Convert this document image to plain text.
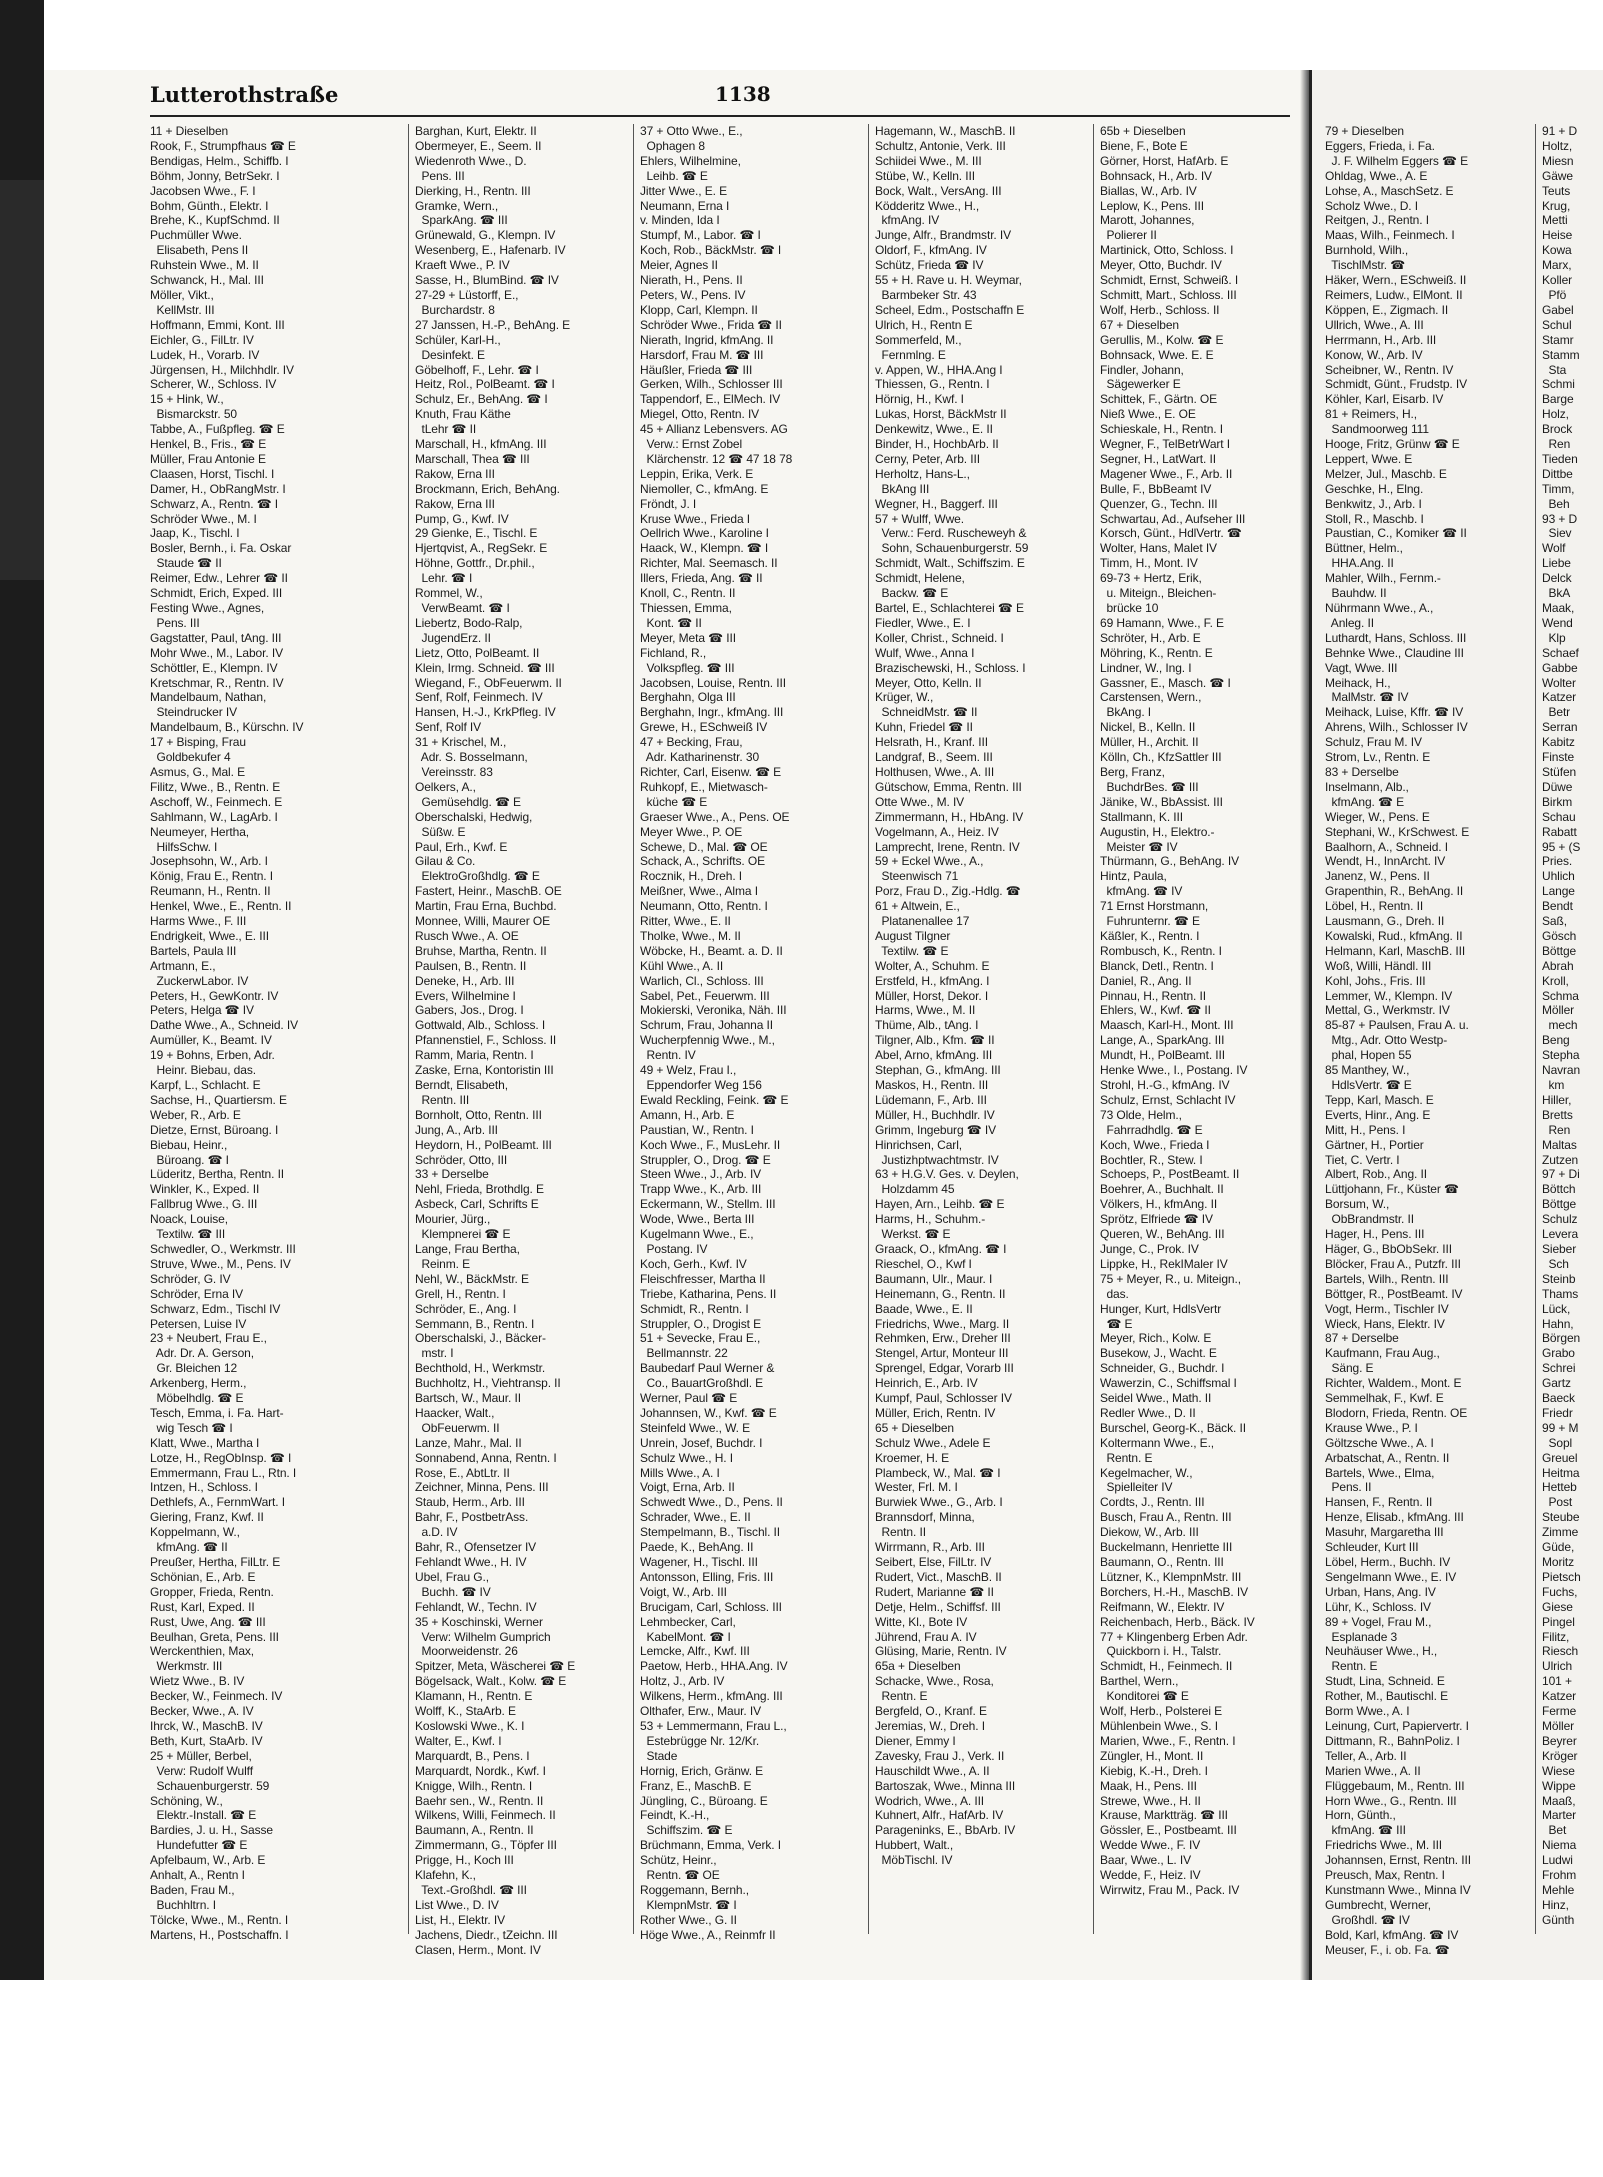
Lutterothstraße	1138
11 + Dieselben
Rook, F., Strumpfhaus ☎ E
Bendigas, Helm., Schiffb. I
Böhm, Jonny, BetrSekr. I
Jacobsen Wwe., F. I
Bohm, Günth., Elektr. I
Brehe, K., KupfSchmd. II
Puchmüller Wwe.
Elisabeth, Pens II
Ruhstein Wwe., M. II
Schwanck, H., Mal. III
Möller, Vikt.,
KellMstr. III
Hoffmann, Emmi, Kont. III
Eichler, G., FilLtr. IV
Ludek, H., Vorarb. IV
Jürgensen, H., Milchhdlr. IV
Scherer, W., Schloss. IV
15 + Hink, W.,
Bismarckstr. 50
Tabbe, A., Fußpfleg. ☎ E
Henkel, B., Fris., ☎ E
Müller, Frau Antonie E
Claasen, Horst, Tischl. I
Damer, H., ObRangMstr. I
Schwarz, A., Rentn. ☎ I
Schröder Wwe., M. I
Jaap, K., Tischl. I
Bosler, Bernh., i. Fa. Oskar
Staude ☎ II
Reimer, Edw., Lehrer ☎ II
Schmidt, Erich, Exped. III
Festing Wwe., Agnes,
Pens. III
Gagstatter, Paul, tAng. III
Mohr Wwe., M., Labor. IV
Schöttler, E., Klempn. IV
Kretschmar, R., Rentn. IV
Mandelbaum, Nathan,
Steindrucker IV
Mandelbaum, B., Kürschn. IV
17 + Bisping, Frau
Goldbekufer 4
Asmus, G., Mal. E
Filitz, Wwe., B., Rentn. E
Aschoff, W., Feinmech. E
Sahlmann, W., LagArb. I
Neumeyer, Hertha,
HilfsSchw. I
Josephsohn, W., Arb. I
König, Frau E., Rentn. I
Reumann, H., Rentn. II
Henkel, Wwe., E., Rentn. II
Harms Wwe., F. III
Endrigkeit, Wwe., E. III
Bartels, Paula III
Artmann, E.,
ZuckerwLabor. IV
Peters, H., GewKontr. IV
Peters, Helga ☎ IV
Dathe Wwe., A., Schneid. IV
Aumüller, K., Beamt. IV
19 + Bohns, Erben, Adr.
Heinr. Biebau, das.
Karpf, L., Schlacht. E
Sachse, H., Quartiersm. E
Weber, R., Arb. E
Dietze, Ernst, Büroang. I
Biebau, Heinr.,
Büroang. ☎ I
Lüderitz, Bertha, Rentn. II
Winkler, K., Exped. II
Fallbrug Wwe., G. III
Noack, Louise,
Textilw. ☎ III
Schwedler, O., Werkmstr. III
Struve, Wwe., M., Pens. IV
Schröder, G. IV
Schröder, Erna IV
Schwarz, Edm., Tischl IV
Petersen, Luise IV
23 + Neubert, Frau E.,
Adr. Dr. A. Gerson,
Gr. Bleichen 12
Arkenberg, Herm.,
Möbelhdlg. ☎ E
Tesch, Emma, i. Fa. Hart-
wig Tesch ☎ I
Klatt, Wwe., Martha I
Lotze, H., RegObInsp. ☎ I
Emmermann, Frau L., Rtn. I
Intzen, H., Schloss. I
Dethlefs, A., FernmWart. I
Giering, Franz, Kwf. II
Koppelmann, W.,
kfmAng. ☎ II
Preußer, Hertha, FilLtr. E
Schönian, E., Arb. E
Gropper, Frieda, Rentn.
Rust, Karl, Exped. II
Rust, Uwe, Ang. ☎ III
Beulhan, Greta, Pens. III
Werckenthien, Max,
Werkmstr. III
Wietz Wwe., B. IV
Becker, W., Feinmech. IV
Becker, Wwe., A. IV
Ihrck, W., MaschB. IV
Beth, Kurt, StaArb. IV
25 + Müller, Berbel,
Verw: Rudolf Wulff
Schauenburgerstr. 59
Schöning, W.,
Elektr.-Install. ☎ E
Bardies, J. u. H., Sasse
Hundefutter ☎ E
Apfelbaum, W., Arb. E
Anhalt, A., Rentn I
Baden, Frau M.,
Buchhltrn. I
Tölcke, Wwe., M., Rentn. I
Martens, H., Postschaffn. I
Barghan, Kurt, Elektr. II
Obermeyer, E., Seem. II
Wiedenroth Wwe., D.
Pens. III
Dierking, H., Rentn. III
Gramke, Wern.,
SparkAng. ☎ III
Grünewald, G., Klempn. IV
Wesenberg, E., Hafenarb. IV
Kraeft Wwe., P. IV
Sasse, H., BlumBind. ☎ IV
27-29 + Lüstorff, E.,
Burchardstr. 8
27 Janssen, H.-P., BehAng. E
Schüler, Karl-H.,
Desinfekt. E
Göbelhoff, F., Lehr. ☎ I
Heitz, Rol., PolBeamt. ☎ I
Schulz, Er., BehAng. ☎ I
Knuth, Frau Käthe
tLehr ☎ II
Marschall, H., kfmAng. III
Marschall, Thea ☎ III
Rakow, Erna III
Brockmann, Erich, BehAng.
Rakow, Erna III
Pump, G., Kwf. IV
29 Gienke, E., Tischl. E
Hjertqvist, A., RegSekr. E
Höhne, Gottfr., Dr.phil.,
Lehr. ☎ I
Rommel, W.,
VerwBeamt. ☎ I
Liebertz, Bodo-Ralp,
JugendErz. II
Lietz, Otto, PolBeamt. II
Klein, Irmg. Schneid. ☎ III
Wiegand, F., ObFeuerwm. II
Senf, Rolf, Feinmech. IV
Hansen, H.-J., KrkPfleg. IV
Senf, Rolf IV
31 + Krischel, M.,
Adr. S. Bosselmann,
Vereinsstr. 83
Oelkers, A.,
Gemüsehdlg. ☎ E
Oberschalski, Hedwig,
Süßw. E
Paul, Erh., Kwf. E
Gilau & Co.
ElektroGroßhdlg. ☎ E
Fastert, Heinr., MaschB. OE
Martin, Frau Erna, Buchbd.
Monnee, Willi, Maurer OE
Rusch Wwe., A. OE
Bruhse, Martha, Rentn. II
Paulsen, B., Rentn. II
Deneke, H., Arb. III
Evers, Wilhelmine I
Gabers, Jos., Drog. I
Gottwald, Alb., Schloss. I
Pfannenstiel, F., Schloss. II
Ramm, Maria, Rentn. I
Zaske, Erna, Kontoristin III
Berndt, Elisabeth,
Rentn. III
Bornholt, Otto, Rentn. III
Jung, A., Arb. III
Heydorn, H., PolBeamt. III
Schröder, Otto, III
33 + Derselbe
Nehl, Frieda, Brothdlg. E
Asbeck, Carl, Schrifts E
Mourier, Jürg.,
Klempnerei ☎ E
Lange, Frau Bertha,
Reinm. E
Nehl, W., BäckMstr. E
Grell, H., Rentn. I
Schröder, E., Ang. I
Semmann, B., Rentn. I
Oberschalski, J., Bäcker-
mstr. I
Bechthold, H., Werkmstr.
Buchholtz, H., Viehtransp. II
Bartsch, W., Maur. II
Haacker, Walt.,
ObFeuerwm. II
Lanze, Mahr., Mal. II
Sonnabend, Anna, Rentn. I
Rose, E., AbtLtr. II
Zeichner, Minna, Pens. III
Staub, Herm., Arb. III
Bahr, F., PostbetrAss.
a.D. IV
Bahr, R., Ofensetzer IV
Fehlandt Wwe., H. IV
Ubel, Frau G.,
Buchh. ☎ IV
Fehlandt, W., Techn. IV
35 + Koschinski, Werner
Verw: Wilhelm Gumprich
Moorweidenstr. 26
Spitzer, Meta, Wäscherei ☎ E
Bögelsack, Walt., Kolw. ☎ E
Klamann, H., Rentn. E
Wolff, K., StaArb. E
Koslowski Wwe., K. I
Walter, E., Kwf. I
Marquardt, B., Pens. I
Marquardt, Nordk., Kwf. I
Knigge, Wilh., Rentn. I
Baehr sen., W., Rentn. II
Wilkens, Willi, Feinmech. II
Baumann, A., Rentn. II
Zimmermann, G., Töpfer III
Prigge, H., Koch III
Klafehn, K.,
Text.-Großhdl. ☎ III
List Wwe., D. IV
List, H., Elektr. IV
Jachens, Diedr., tZeichn. III
Clasen, Herm., Mont. IV
37 + Otto Wwe., E.,
Ophagen 8
Ehlers, Wilhelmine,
Leihb. ☎ E
Jitter Wwe., E. E
Neumann, Erna I
v. Minden, Ida I
Stumpf, M., Labor. ☎ I
Koch, Rob., BäckMstr. ☎ I
Meier, Agnes II
Nierath, H., Pens. II
Peters, W., Pens. IV
Klopp, Carl, Klempn. II
Schröder Wwe., Frida ☎ II
Nierath, Ingrid, kfmAng. II
Harsdorf, Frau M. ☎ III
Häußler, Frieda ☎ III
Gerken, Wilh., Schlosser III
Tappendorf, E., ElMech. IV
Miegel, Otto, Rentn. IV
45 + Allianz Lebensvers. AG
Verw.: Ernst Zobel
Klärchenstr. 12 ☎ 47 18 78
Leppin, Erika, Verk. E
Niemoller, C., kfmAng. E
Fröndt, J. I
Kruse Wwe., Frieda I
Oellrich Wwe., Karoline I
Haack, W., Klempn. ☎ I
Richter, Mal. Seemasch. II
Illers, Frieda, Ang. ☎ II
Knoll, C., Rentn. II
Thiessen, Emma,
Kont. ☎ II
Meyer, Meta ☎ III
Fichland, R.,
Volkspfleg. ☎ III
Jacobsen, Louise, Rentn. III
Berghahn, Olga III
Berghahn, Ingr., kfmAng. III
Grewe, H., ESchweiß IV
47 + Becking, Frau,
Adr. Katharinenstr. 30
Richter, Carl, Eisenw. ☎ E
Ruhkopf, E., Mietwasch-
küche ☎ E
Graeser Wwe., A., Pens. OE
Meyer Wwe., P. OE
Schewe, D., Mal. ☎ OE
Schack, A., Schrifts. OE
Rocznik, H., Dreh. I
Meißner, Wwe., Alma I
Neumann, Otto, Rentn. I
Ritter, Wwe., E. II
Tholke, Wwe., M. II
Wöbcke, H., Beamt. a. D. II
Kühl Wwe., A. II
Warlich, Cl., Schloss. III
Sabel, Pet., Feuerwm. III
Mokierski, Veronika, Näh. III
Schrum, Frau, Johanna II
Wucherpfennig Wwe., M.,
Rentn. IV
49 + Welz, Frau I.,
Eppendorfer Weg 156
Ewald Reckling, Feink. ☎ E
Amann, H., Arb. E
Paustian, W., Rentn. I
Koch Wwe., F., MusLehr. II
Struppler, O., Drog. ☎ E
Steen Wwe., J., Arb. IV
Trapp Wwe., K., Arb. III
Eckermann, W., Stellm. III
Wode, Wwe., Berta III
Kugelmann Wwe., E.,
Postang. IV
Koch, Gerh., Kwf. IV
Fleischfresser, Martha II
Triebe, Katharina, Pens. II
Schmidt, R., Rentn. I
Struppler, O., Drogist E
51 + Sevecke, Frau E.,
Bellmannstr. 22
Baubedarf Paul Werner &
Co., BauartGroßhdl. E
Werner, Paul ☎ E
Johannsen, W., Kwf. ☎ E
Steinfeld Wwe., W. E
Unrein, Josef, Buchdr. I
Schulz Wwe., H. I
Mills Wwe., A. I
Voigt, Erna, Arb. II
Schwedt Wwe., D., Pens. II
Schrader, Wwe., E. II
Stempelmann, B., Tischl. II
Paede, K., BehAng. II
Wagener, H., Tischl. III
Antonsson, Elling, Fris. III
Voigt, W., Arb. III
Brucigam, Carl, Schloss. III
Lehmbecker, Carl,
KabelMont. ☎ I
Lemcke, Alfr., Kwf. III
Paetow, Herb., HHA.Ang. IV
Holtz, J., Arb. IV
Wilkens, Herm., kfmAng. III
Olthafer, Erw., Maur. IV
53 + Lemmermann, Frau L.,
Estebrügge Nr. 12/Kr.
Stade
Hornig, Erich, Gränw. E
Franz, E., MaschB. E
Jüngling, C., Büroang. E
Feindt, K.-H.,
Schiffszim. ☎ E
Brüchmann, Emma, Verk. I
Schütz, Heinr.,
Rentn. ☎ OE
Roggemann, Bernh.,
KlempnMstr. ☎ I
Rother Wwe., G. II
Höge Wwe., A., Reinmfr II
Hagemann, W., MaschB. II
Schultz, Antonie, Verk. III
Schiidei Wwe., M. III
Stübe, W., Kelln. III
Bock, Walt., VersAng. III
Ködderitz Wwe., H.,
kfmAng. IV
Junge, Alfr., Brandmstr. IV
Oldorf, F., kfmAng. IV
Schütz, Frieda ☎ IV
55 + H. Rave u. H. Weymar,
Barmbeker Str. 43
Scheel, Edm., Postschaffn E
Ulrich, H., Rentn E
Sommerfeld, M.,
Fernmlng. E
v. Appen, W., HHA.Ang I
Thiessen, G., Rentn. I
Hörnig, H., Kwf. I
Lukas, Horst, BäckMstr II
Denkewitz, Wwe., E. II
Binder, H., HochbArb. II
Cerny, Peter, Arb. III
Herholtz, Hans-L.,
BkAng III
Wegner, H., Baggerf. III
57 + Wulff, Wwe.
Verw.: Ferd. Ruscheweyh &
Sohn, Schauenburgerstr. 59
Schmidt, Walt., Schiffszim. E
Schmidt, Helene,
Backw. ☎ E
Bartel, E., Schlachterei ☎ E
Fiedler, Wwe., E. I
Koller, Christ., Schneid. I
Wulf, Wwe., Anna I
Brazischewski, H., Schloss. I
Meyer, Otto, Kelln. II
Krüger, W.,
SchneidMstr. ☎ II
Kuhn, Friedel ☎ II
Helsrath, H., Kranf. III
Landgraf, B., Seem. III
Holthusen, Wwe., A. III
Gütschow, Emma, Rentn. III
Otte Wwe., M. IV
Zimmermann, H., HbAng. IV
Vogelmann, A., Heiz. IV
Lamprecht, Irene, Rentn. IV
59 + Eckel Wwe., A.,
Steenwisch 71
Porz, Frau D., Zig.-Hdlg. ☎
61 + Altwein, E.,
Platanenallee 17
August Tilgner
Textilw. ☎ E
Wolter, A., Schuhm. E
Erstfeld, H., kfmAng. I
Müller, Horst, Dekor. I
Harms, Wwe., M. II
Thüme, Alb., tAng. I
Tilgner, Alb., Kfm. ☎ II
Abel, Arno, kfmAng. III
Stephan, G., kfmAng. III
Maskos, H., Rentn. III
Lüdemann, F., Arb. III
Müller, H., Buchhdlr. IV
Grimm, Ingeburg ☎ IV
Hinrichsen, Carl,
Justizhptwachtmstr. IV
63 + H.G.V. Ges. v. Deylen,
Holzdamm 45
Hayen, Arn., Leihb. ☎ E
Harms, H., Schuhm.-
Werkst. ☎ E
Graack, O., kfmAng. ☎ I
Rieschel, O., Kwf I
Baumann, Ulr., Maur. I
Heinemann, G., Rentn. II
Baade, Wwe., E. II
Friedrichs, Wwe., Marg. II
Rehmken, Erw., Dreher III
Stengel, Artur, Monteur III
Sprengel, Edgar, Vorarb III
Heinrich, E., Arb. IV
Kumpf, Paul, Schlosser IV
Müller, Erich, Rentn. IV
65 + Dieselben
Schulz Wwe., Adele E
Kroemer, H. E
Plambeck, W., Mal. ☎ I
Wester, Frl. M. I
Burwiek Wwe., G., Arb. I
Brannsdorf, Minna,
Rentn. II
Wirrmann, R., Arb. III
Seibert, Else, FilLtr. IV
Rudert, Vict., MaschB. II
Rudert, Marianne ☎ II
Detje, Helm., Schiffsf. III
Witte, Kl., Bote IV
Jührend, Frau A. IV
Glüsing, Marie, Rentn. IV
65a + Dieselben
Schacke, Wwe., Rosa,
Rentn. E
Bergfeld, O., Kranf. E
Jeremias, W., Dreh. I
Diener, Emmy I
Zavesky, Frau J., Verk. II
Hauschildt Wwe., A. II
Bartoszak, Wwe., Minna III
Wodrich, Wwe., A. III
Kuhnert, Alfr., HafArb. IV
Parageninks, E., BbArb. IV
Hubbert, Walt.,
MöbTischl. IV
65b + Dieselben
Biene, F., Bote E
Görner, Horst, HafArb. E
Bohnsack, H., Arb. IV
Biallas, W., Arb. IV
Leplow, K., Pens. III
Marott, Johannes,
Polierer II
Martinick, Otto, Schloss. I
Meyer, Otto, Buchdr. IV
Schmidt, Ernst, Schweiß. I
Schmitt, Mart., Schloss. III
Wolf, Herb., Schloss. II
67 + Dieselben
Gerullis, M., Kolw. ☎ E
Bohnsack, Wwe. E. E
Findler, Johann,
Sägewerker E
Schittek, F., Gärtn. OE
Nieß Wwe., E. OE
Schieskale, H., Rentn. I
Wegner, F., TelBetrWart I
Segner, H., LatWart. II
Magener Wwe., F., Arb. II
Bulle, F., BbBeamt IV
Quenzer, G., Techn. III
Schwartau, Ad., Aufseher III
Korsch, Günt., HdlVertr. ☎
Wolter, Hans, Malet IV
Timm, H., Mont. IV
69-73 + Hertz, Erik,
u. Miteign., Bleichen-
brücke 10
69 Hamann, Wwe., F. E
Schröter, H., Arb. E
Möhring, K., Rentn. E
Lindner, W., Ing. I
Gassner, E., Masch. ☎ I
Carstensen, Wern.,
BkAng. I
Nickel, B., Kelln. II
Müller, H., Archit. II
Kölln, Ch., KfzSattler III
Berg, Franz,
BuchdrBes. ☎ III
Jänike, W., BbAssist. III
Stallmann, K. III
Augustin, H., Elektro.-
Meister ☎ IV
Thürmann, G., BehAng. IV
Hintz, Paula,
kfmAng. ☎ IV
71 Ernst Horstmann,
Fuhrunternr. ☎ E
Käßler, K., Rentn. I
Rombusch, K., Rentn. I
Blanck, Detl., Rentn. I
Daniel, R., Ang. II
Pinnau, H., Rentn. II
Ehlers, W., Kwf. ☎ II
Maasch, Karl-H., Mont. III
Lange, A., SparkAng. III
Mundt, H., PolBeamt. III
Henke Wwe., I., Postang. IV
Strohl, H.-G., kfmAng. IV
Schulz, Ernst, Schlacht IV
73 Olde, Helm.,
Fahrradhdlg. ☎ E
Koch, Wwe., Frieda I
Bochtler, R., Stew. I
Schoeps, P., PostBeamt. II
Boehrer, A., Buchhalt. II
Völkers, H., kfmAng. II
Sprötz, Elfriede ☎ IV
Queren, W., BehAng. III
Junge, C., Prok. IV
Lippke, H., RekIMaler IV
75 + Meyer, R., u. Miteign.,
das.
Hunger, Kurt, HdlsVertr
☎ E
Meyer, Rich., Kolw. E
Busekow, J., Wacht. E
Schneider, G., Buchdr. I
Wawerzin, C., Schiffsmal I
Seidel Wwe., Math. II
Redler Wwe., D. II
Burschel, Georg-K., Bäck. II
Koltermann Wwe., E.,
Rentn. E
Kegelmacher, W.,
Spielleiter IV
Cordts, J., Rentn. III
Busch, Frau A., Rentn. III
Diekow, W., Arb. III
Buckelmann, Henriette III
Baumann, O., Rentn. III
Lützner, K., KlempnMstr. III
Borchers, H.-H., MaschB. IV
Reifmann, W., Elektr. IV
Reichenbach, Herb., Bäck. IV
77 + Klingenberg Erben Adr.
Quickborn i. H., Talstr.
Schmidt, H., Feinmech. II
Barthel, Wern.,
Konditorei ☎ E
Wolf, Herb., Polsterei E
Mühlenbein Wwe., S. I
Marien, Wwe., F., Rentn. I
Züngler, H., Mont. II
Kiebig, K.-H., Dreh. I
Maak, H., Pens. III
Strewe, Wwe., H. II
Krause, Marktträg. ☎ III
Gössler, E., Postbeamt. III
Wedde Wwe., F. IV
Baar, Wwe., L. IV
Wedde, F., Heiz. IV
Wirrwitz, Frau M., Pack. IV
79 + Dieselben
Eggers, Frieda, i. Fa.
J. F. Wilhelm Eggers ☎ E
Ohldag, Wwe., A. E
Lohse, A., MaschSetz. E
Scholz Wwe., D. I
Reitgen, J., Rentn. I
Maas, Wilh., Feinmech. I
Burnhold, Wilh.,
TischlMstr. ☎
Häker, Wern., ESchweiß. II
Reimers, Ludw., ElMont. II
Köppen, E., Zigmach. II
Ullrich, Wwe., A. III
Herrmann, H., Arb. III
Konow, W., Arb. IV
Scheibner, W., Rentn. IV
Schmidt, Günt., Frudstp. IV
Köhler, Karl, Eisarb. IV
81 + Reimers, H.,
Sandmoorweg 111
Hooge, Fritz, Grünw ☎ E
Leppert, Wwe. E
Melzer, Jul., Maschb. E
Geschke, H., Elng.
Benkwitz, J., Arb. I
Stoll, R., Maschb. I
Paustian, C., Komiker ☎ II
Büttner, Helm.,
HHA.Ang. II
Mahler, Wilh., Fernm.-
Bauhdw. II
Nührmann Wwe., A.,
Anleg. II
Luthardt, Hans, Schloss. III
Behnke Wwe., Claudine III
Vagt, Wwe. III
Meihack, H.,
MalMstr. ☎ IV
Meihack, Luise, Kffr. ☎ IV
Ahrens, Wilh., Schlosser IV
Schulz, Frau M. IV
Strom, Lv., Rentn. E
83 + Derselbe
Inselmann, Alb.,
kfmAng. ☎ E
Wieger, W., Pens. E
Stephani, W., KrSchwest. E
Baalhorn, A., Schneid. I
Wendt, H., InnArcht. IV
Janenz, W., Pens. II
Grapenthin, R., BehAng. II
Löbel, H., Rentn. II
Lausmann, G., Dreh. II
Kowalski, Rud., kfmAng. II
Helmann, Karl, MaschB. III
Woß, Willi, Händl. III
Kohl, Johs., Fris. III
Lemmer, W., Klempn. IV
Mettal, G., Werkmstr. IV
85-87 + Paulsen, Frau A. u.
Mtg., Adr. Otto Westp-
phal, Hopen 55
85 Manthey, W.,
HdlsVertr. ☎ E
Tepp, Karl, Masch. E
Everts, Hinr., Ang. E
Mitt, H., Pens. I
Gärtner, H., Portier
Tiet, C. Vertr. I
Albert, Rob., Ang. II
Lüttjohann, Fr., Küster ☎
Borsum, W.,
ObBrandmstr. II
Hager, H., Pens. III
Häger, G., BbObSekr. III
Blöcker, Frau A., Putzfr. III
Bartels, Wilh., Rentn. III
Böttger, R., PostBeamt. IV
Vogt, Herm., Tischler IV
Wieck, Hans, Elektr. IV
87 + Derselbe
Kaufmann, Frau Aug.,
Säng. E
Richter, Waldem., Mont. E
Semmelhak, F., Kwf. E
Blodorn, Frieda, Rentn. OE
Krause Wwe., P. I
Göltzsche Wwe., A. I
Arbatschat, A., Rentn. II
Bartels, Wwe., Elma,
Pens. II
Hansen, F., Rentn. II
Henze, Elisab., kfmAng. III
Masuhr, Margaretha III
Schleuder, Kurt III
Löbel, Herm., Buchh. IV
Sengelmann Wwe., E. IV
Urban, Hans, Ang. IV
Lühr, K., Schloss. IV
89 + Vogel, Frau M.,
Esplanade 3
Neuhäuser Wwe., H.,
Rentn. E
Studt, Lina, Schneid. E
Rother, M., Bautischl. E
Borm Wwe., A. I
Leinung, Curt, Papiervertr. I
Dittmann, R., BahnPoliz. I
Teller, A., Arb. II
Marien Wwe., A. II
Flüggebaum, M., Rentn. III
Horn Wwe., G., Rentn. III
Horn, Günth.,
kfmAng. ☎ III
Friedrichs Wwe., M. III
Johannsen, Ernst, Rentn. III
Preusch, Max, Rentn. I
Kunstmann Wwe., Minna IV
Gumbrecht, Werner,
Großhdl. ☎ IV
Bold, Karl, kfmAng. ☎ IV
Meuser, F., i. ob. Fa. ☎
91 + D
Holtz,
Miesn
Gäwe
Teuts
Krug,
Metti
Heise
Kowa
Marx,
Koller
Pfö
Gabel
Schul
Stamr
Stamm
Sta
Schmi
Barge
Holz,
Brock
Ren
Tieden
Dittbe
Timm,
Beh
93 + D
Siev
Wolf
Liebe
Delck
BkA
Maak,
Wend
Klp
Schaef
Gabbe
Wolter
Katzer
Betr
Serran
Kabitz
Finste
Stüfen
Düwe
Birkm
Schau
Rabatt
95 + (S
Pries.
Uhlich
Lange
Bendt
Saß,
Gösch
Böttge
Abrah
Kroll,
Schma
Möller
mech
Beng
Stepha
Navran
km
Hiller,
Bretts
Ren
Maltas
Zutzen
97 + Di
Böttch
Böttge
Schulz
Levera
Sieber
Sch
Steinb
Thams
Lück,
Hahn,
Börgen
Grabo
Schrei
Gartz
Baeck
Friedr
99 + M
Sopl
Greuel
Heitma
Hetteb
Post
Steube
Zimme
Güde,
Moritz
Pietsch
Fuchs,
Giese
Pingel
Filitz,
Riesch
Ulrich
101 +
Katzer
Ferme
Möller
Beyrer
Kröger
Wiese
Wippe
Maaß,
Marter
Bet
Niema
Ludwi
Frohm
Mehle
Hinz,
Günth
